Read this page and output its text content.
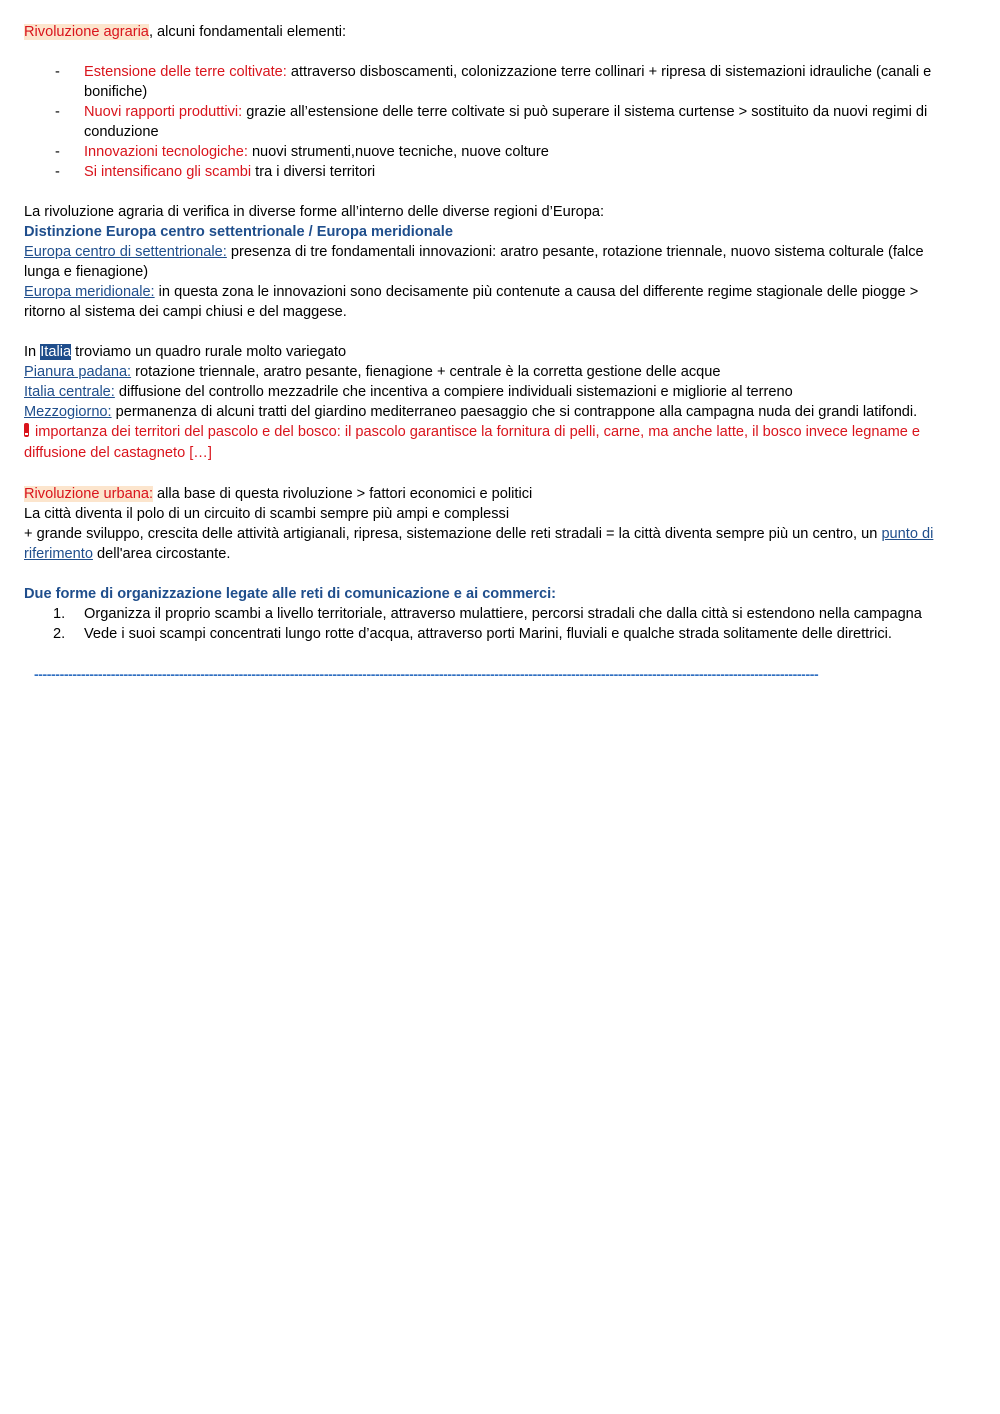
Rivoluzione agraria, alcuni fondamentali elementi:

- Estensione delle terre coltivate: attraverso disboscamenti, colonizzazione terre collinari + ripresa di sistemazioni idrauliche (canali e bonifiche)
- Nuovi rapporti produttivi: grazie all’estensione delle terre coltivate si può superare il sistema curtense > sostituito da nuovi regimi di conduzione
- Innovazioni tecnologiche: nuovi strumenti,nuove tecniche, nuove colture
- Si intensificano gli scambi tra i diversi territori

La rivoluzione agraria di verifica in diverse forme all’interno delle diverse regioni d’Europa:

Distinzione Europa centro settentrionale / Europa meridionale

Europa centro di settentrionale: presenza di tre fondamentali innovazioni: aratro pesante, rotazione triennale, nuovo sistema colturale (falce lunga e fienagione)

Europa meridionale: in questa zona le innovazioni sono decisamente più contenute a causa del differente regime stagionale delle piogge > ritorno al sistema dei campi chiusi e del maggese.

In Italia troviamo un quadro rurale molto variegato

Pianura padana: rotazione triennale, aratro pesante, fienagione + centrale è la corretta gestione delle acque

Italia centrale: diffusione del controllo mezzadrile che incentiva a compiere individuali sistemazioni e migliorie al terreno

Mezzogiorno: permanenza di alcuni tratti del giardino mediterraneo paesaggio che si contrappone alla campagna nuda dei grandi latifondi.

importanza dei territori del pascolo e del bosco: il pascolo garantisce la fornitura di pelli, carne, ma anche latte, il bosco invece legname e diffusione del castagneto […]

Rivoluzione urbana: alla base di questa rivoluzione > fattori economici e politici

La città diventa il polo di un circuito di scambi sempre più ampi e complessi

+ grande sviluppo, crescita delle attività artigianali, ripresa, sistemazione delle reti stradali = la città diventa sempre più un centro, un punto di riferimento dell'area circostante.

Due forme di organizzazione legate alle reti di comunicazione e ai commerci:

1. Organizza il proprio scambi a livello territoriale, attraverso mulattiere, percorsi stradali che dalla città si estendono nella campagna
2. Vede i suoi scampi concentrati lungo rotte d’acqua, attraverso porti Marini, fluviali e qualche strada solitamente delle direttrici.
----------------------------------------------------------------------------------------------------------------------------------------------------------------------------------------
